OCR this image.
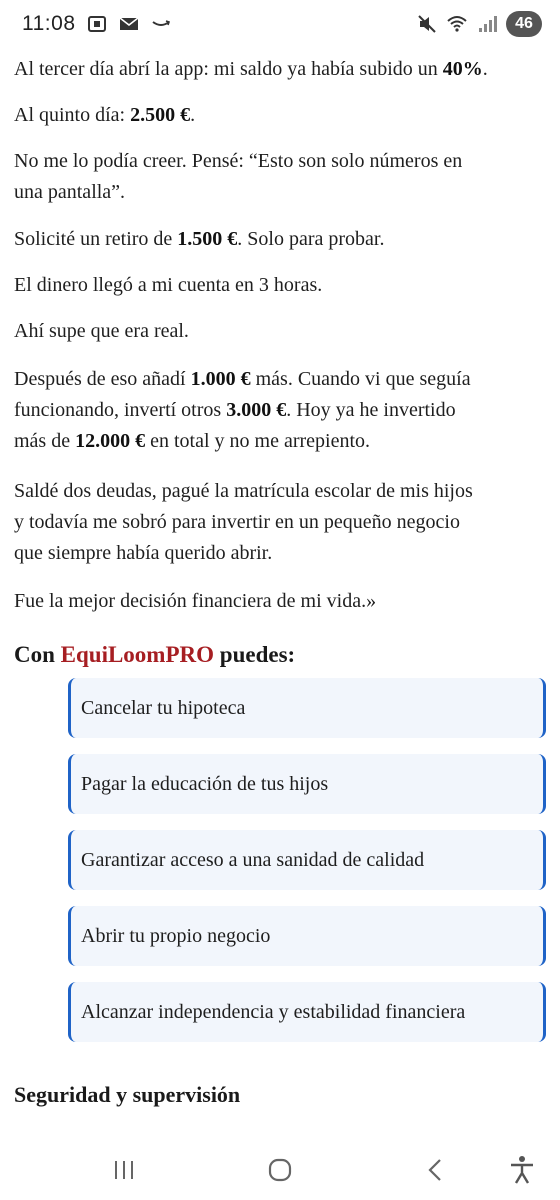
11:08	46

Al tercer día abrí la app: mi saldo ya había subido un 40%.

Al quinto día: 2.500 €.

No me lo podía creer. Pensé: “Esto son solo números en
una pantalla”.

Solicité un retiro de 1.500 €. Solo para probar.

El dinero llegó a mi cuenta en 3 horas.

Ahí supe que era real.

Después de eso añadí 1.000 € más. Cuando vi que seguía
funcionando, invertí otros 3.000 €. Hoy ya he invertido
más de 12.000 € en total y no me arrepiento.

Saldé dos deudas, pagué la matrícula escolar de mis hijos
y todavía me sobró para invertir en un pequeño negocio
que siempre había querido abrir.

Fue la mejor decisión financiera de mi vida.»

Con EquiLoomPRO puedes:
Cancelar tu hipoteca
Pagar la educación de tus hijos
Garantizar acceso a una sanidad de calidad
Abrir tu propio negocio
Alcanzar independencia y estabilidad financiera
Seguridad y supervisión
